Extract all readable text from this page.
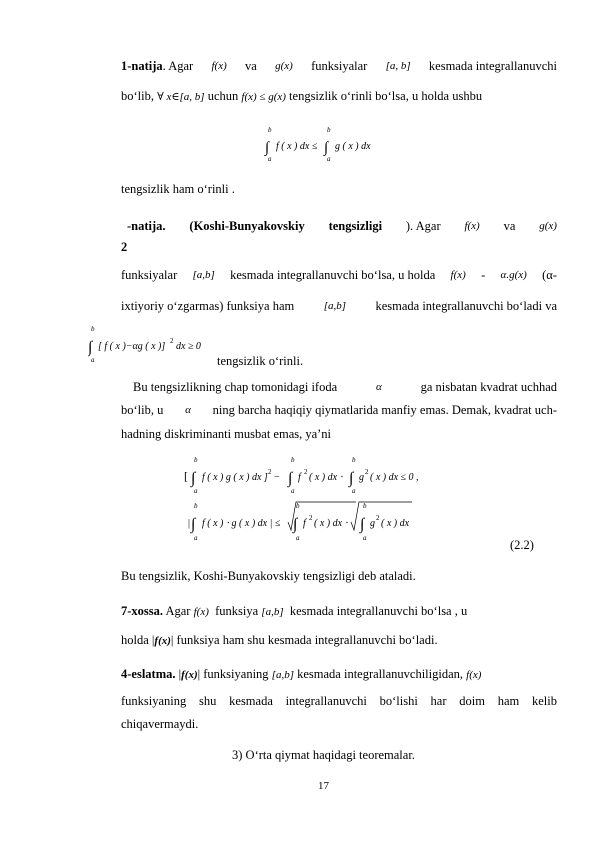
1-natija. Agar f(x) va g(x) funksiyalar [a, b] kesmada integrallanuvchi
bo‘lib, ∀ x∈[a, b] uchun f(x) ≤ g(x) tengsizlik o‘rinli bo‘lsa, u holda ushbu
b
∫
a
f ( x ) dx ≤
b
∫
a
g ( x ) dx
tengsizlik ham o‘rinli .
-natija. (Koshi-Bunyakovskiy tengsizligi ). Agar f(x) va g(x)
2
funksiyalar [a,b] kesmada integrallanuvchi bo‘lsa, u holda f(x) - α.g(x) (α-
ixtiyoriy o‘zgarmas) funksiya ham	[a,b] kesmada integrallanuvchi bo‘ladi va
b
∫
a
[ f ( x )−αg ( x )] 2 dx ≥ 0
tengsizlik o‘rinli.
Bu tengsizlikning chap tomonidagi ifoda	α	ga nisbatan kvadrat uchhad
bo‘lib, u α ning barcha haqiqiy qiymatlarida manfiy emas. Demak, kvadrat uch-
hadning diskriminanti musbat emas, ya’ni
[
b
∫
a
f ( x ) g ( x ) dx ] 2 −
b
∫
a
f 2 ( x ) dx ⋅
b
∫
a
g 2 ( x ) dx ≤ 0 ,
|
b
∫
a
f ( x ) ⋅ g ( x ) dx | ≤
b
∫
a
f 2 ( x ) dx ⋅
b
∫
a
g 2 ( x ) dx
(2.2)
Bu tengsizlik, Koshi-Bunyakovskiy tengsizligi deb ataladi.
7-xossa. Agar f(x) funksiya [a,b] kesmada integrallanuvchi bo‘lsa , u
holda |f(x)| funksiya ham shu kesmada integrallanuvchi bo‘ladi.
4-eslatma. |f(x)| funksiyaning [a,b] kesmada integrallanuvchiligidan, f(x)
funksiyaning shu kesmada integrallanuvchi bo‘lishi har doim ham kelib
chiqavermaydi.
3) O‘rta qiymat haqidagi teoremalar.
17
